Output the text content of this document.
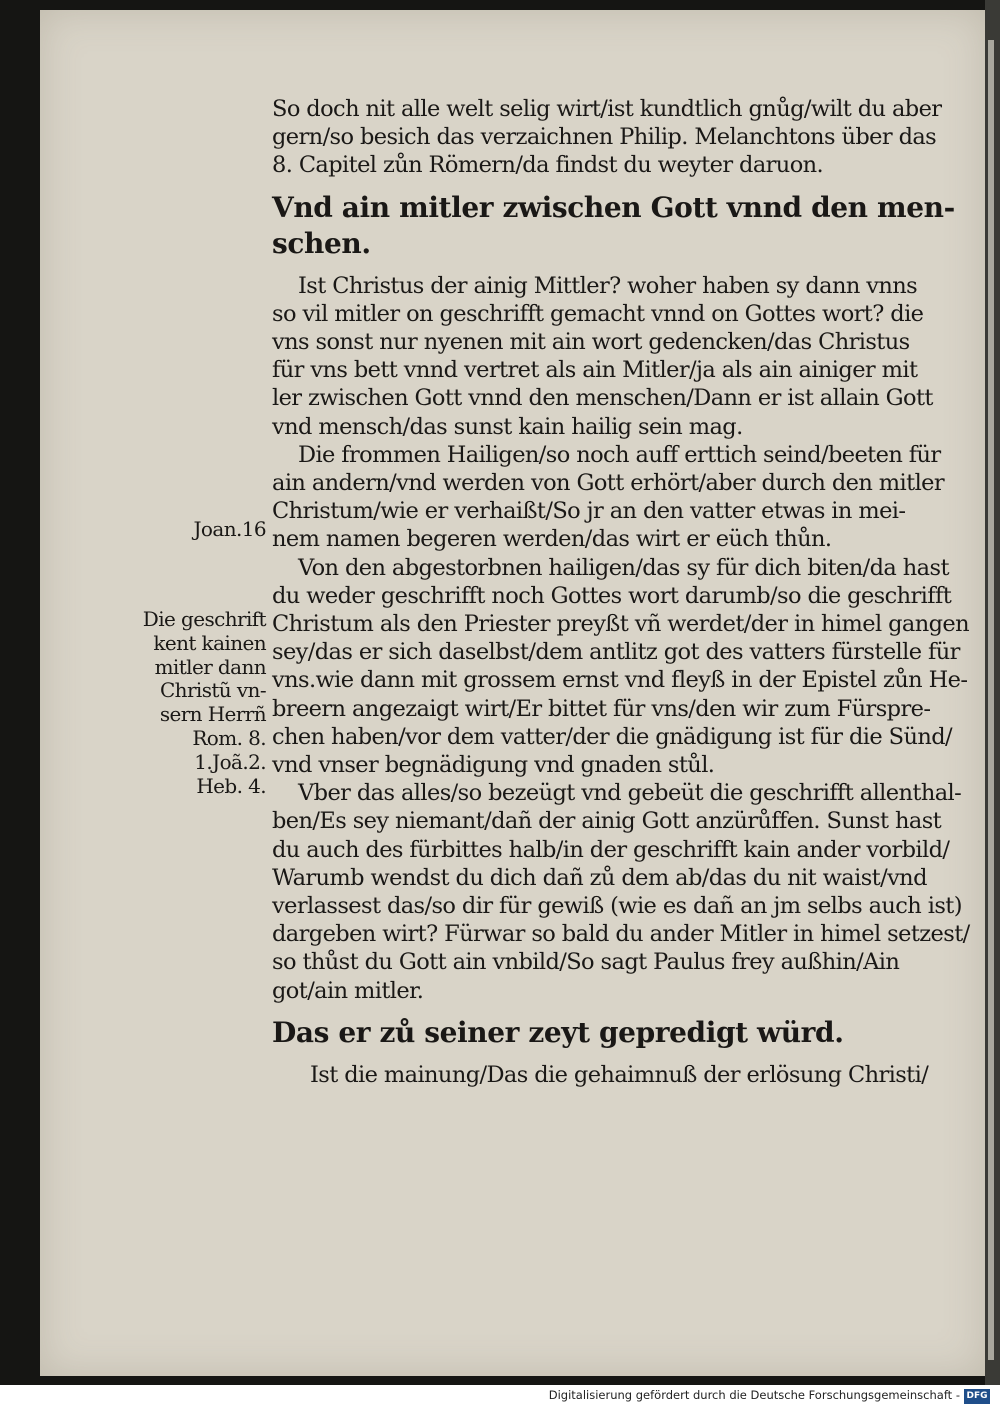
So doch nit alle welt selig wirt/ist kundtlich gnůg/wilt du aber
gern/so besich das verzaichnen Philip. Melanchtons über das
8. Capitel zůn Römern/da findst du weyter daruon.
Vnd ain mitler zwischen Gott vnnd den men-
schen.
Ist Christus der ainig Mittler? woher haben sy dann vnns
so vil mitler on geschrifft gemacht vnnd on Gottes wort? die
vns sonst nur nyenen mit ain wort gedencken/das Christus
für vns bett vnnd vertret als ain Mitler/ja als ain ainiger mit
ler zwischen Gott vnnd den menschen/Dann er ist allain Gott
vnd mensch/das sunst kain hailig sein mag.
Die frommen Hailigen/so noch auff erttich seind/beeten für
ain andern/vnd werden von Gott erhört/aber durch den mitler
Christum/wie er verhaißt/So jr an den vatter etwas in mei-
nem namen begeren werden/das wirt er eüch thůn.
Von den abgestorbnen hailigen/das sy für dich biten/da hast
du weder geschrifft noch Gottes wort darumb/so die geschrifft
Christum als den Priester preyßt vñ werdet/der in himel gangen
sey/das er sich daselbst/dem antlitz got des vatters fürstelle für
vns.wie dann mit grossem ernst vnd fleyß in der Epistel zůn He-
breern angezaigt wirt/Er bittet für vns/den wir zum Fürspre-
chen haben/vor dem vatter/der die gnädigung ist für die Sünd/
vnd vnser begnädigung vnd gnaden stůl.
Vber das alles/so bezeügt vnd gebeüt die geschrifft allenthal-
ben/Es sey niemant/dañ der ainig Gott anzürůffen. Sunst hast
du auch des fürbittes halb/in der geschrifft kain ander vorbild/
Warumb wendst du dich dañ zů dem ab/das du nit waist/vnd
verlassest das/so dir für gewiß (wie es dañ an jm selbs auch ist)
dargeben wirt? Fürwar so bald du ander Mitler in himel setzest/
so thůst du Gott ain vnbild/So sagt Paulus frey außhin/Ain
got/ain mitler.
Das er zů seiner zeyt gepredigt würd.
Ist die mainung/Das die gehaimnuß der erlösung Christi/
Joan.16
Die geschrift
kent kainen
mitler dann
Christũ vn-
sern Herrñ
Rom. 8.
1.Joã.2.
Heb. 4.
Digitalisierung gefördert durch die Deutsche Forschungsgemeinschaft - DFG
